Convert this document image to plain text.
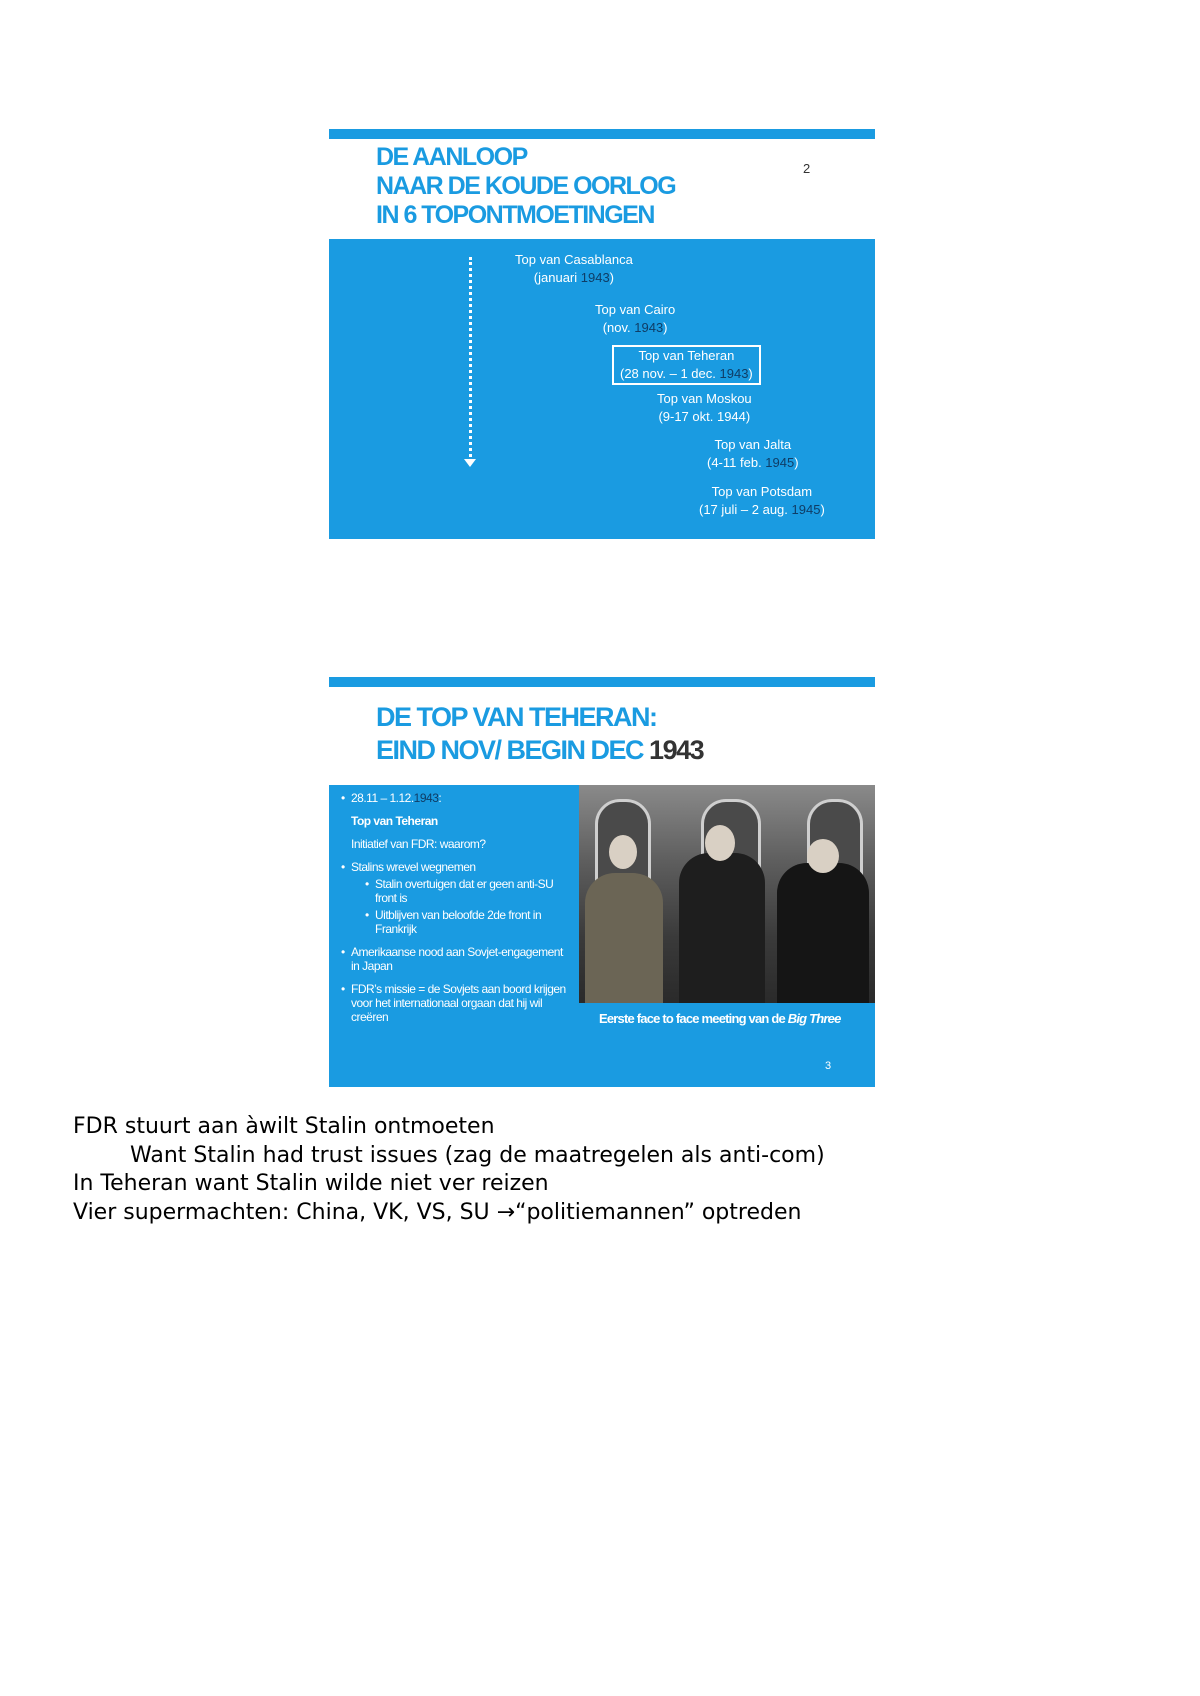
DE AANLOOP
NAAR DE KOUDE OORLOG
IN 6 TOPONTMOETINGEN
2
Top van Casablanca
(januari 1943)
Top van Cairo
(nov. 1943)
Top van Teheran
(28 nov. – 1 dec. 1943)
Top van Moskou
(9-17 okt. 1944)
Top van Jalta
(4-11 feb. 1945)
Top van Potsdam
(17 juli – 2 aug. 1945)
DE TOP VAN TEHERAN:
EIND NOV/ BEGIN DEC 1943
• 28.11 – 1.12.1943:
Top van Teheran
Initiatief van FDR: waarom?
• Stalins wrevel wegnemen
• Stalin overtuigen dat er geen anti-SU front is
• Uitblijven van beloofde 2de front in Frankrijk
• Amerikaanse nood aan Sovjet-engagement in Japan
• FDR’s missie = de Sovjets aan boord krijgen voor het internationaal orgaan dat hij wil creëren	Eerste face to face meeting van de Big Three
3
FDR stuurt aan àwilt Stalin ontmoeten
Want Stalin had trust issues (zag de maatregelen als anti-com)
In Teheran want Stalin wilde niet ver reizen
Vier supermachten: China, VK, VS, SU →“politiemannen” optreden
